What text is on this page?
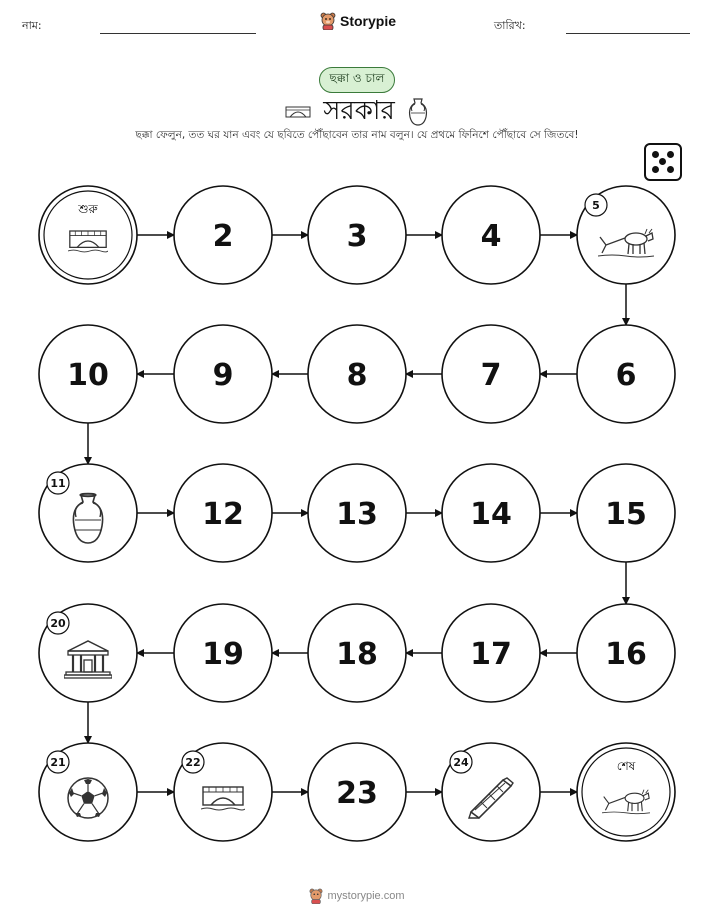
নাম:	Storypie	তারিখ:
ছক্কা ও চাল
সরকার
ছক্কা ফেলুন, তত ঘর যান এবং যে ছবিতে পৌঁছাবেন তার নাম বলুন। যে প্রথমে ফিনিশে পৌঁছাবে সে জিতবে!
শুরু
2	3	4
5
6
7
8
9
10
11
12	13	14	15
16
17
18
19
20
21	22
23
24	শেষ
mystorypie.com
